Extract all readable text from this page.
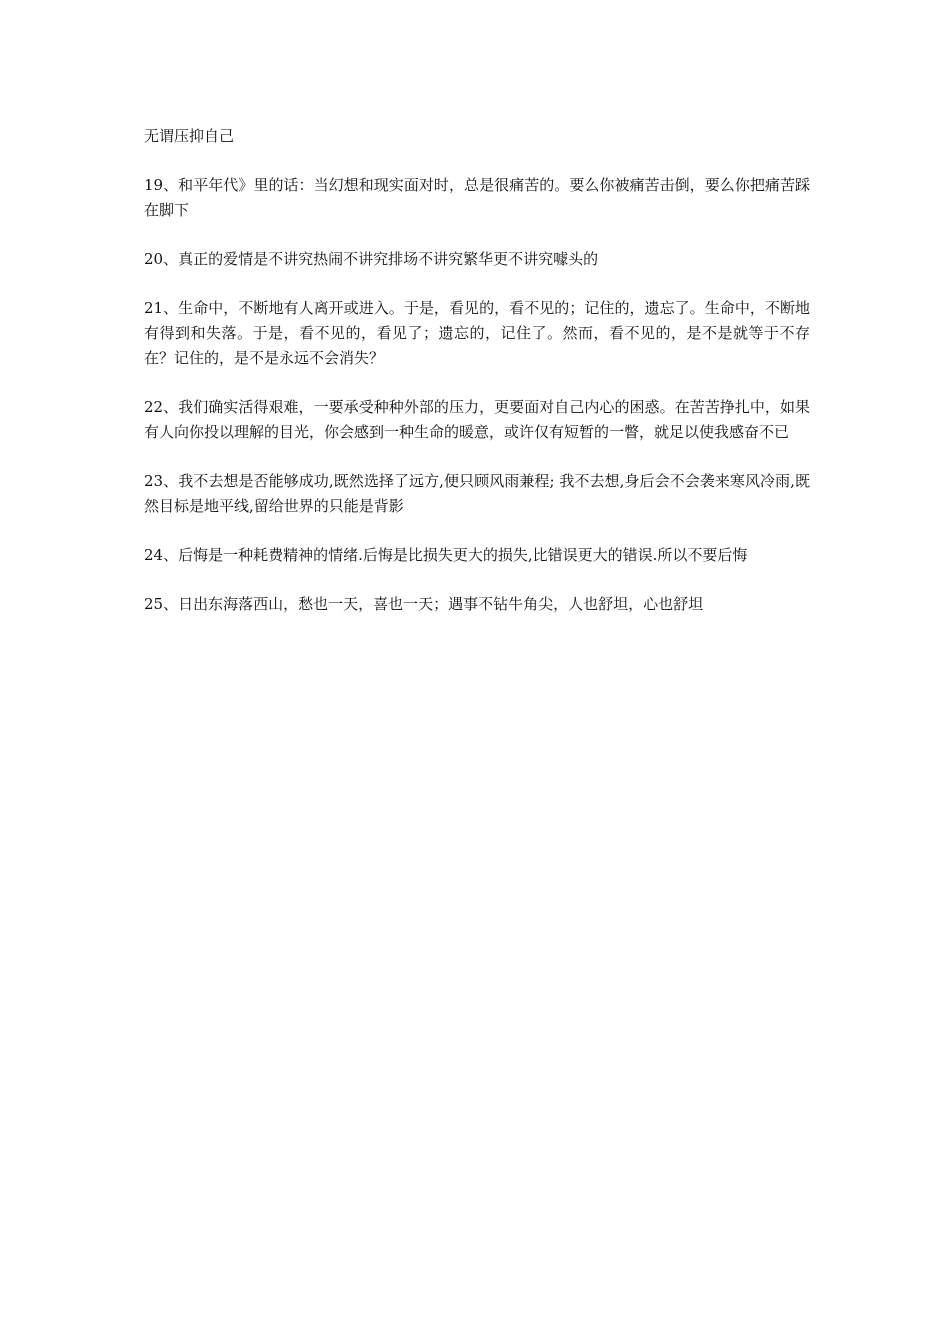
无谓压抑自己

19、和平年代》里的话：当幻想和现实面对时，总是很痛苦的。要么你被痛苦击倒，要么你把痛苦踩在脚下

20、真正的爱情是不讲究热闹不讲究排场不讲究繁华更不讲究噱头的

21、生命中，不断地有人离开或进入。于是，看见的，看不见的；记住的，遗忘了。生命中，不断地有得到和失落。于是，看不见的，看见了；遗忘的，记住了。然而，看不见的，是不是就等于不存在？记住的，是不是永远不会消失？

22、我们确实活得艰难，一要承受种种外部的压力，更要面对自己内心的困惑。在苦苦挣扎中，如果有人向你投以理解的目光，你会感到一种生命的暖意，或许仅有短暂的一瞥，就足以使我感奋不已

23、我不去想是否能够成功,既然选择了远方,便只顾风雨兼程; 我不去想,身后会不会袭来寒风冷雨,既然目标是地平线,留给世界的只能是背影

24、后悔是一种耗费精神的情绪.后悔是比损失更大的损失,比错误更大的错误.所以不要后悔

25、日出东海落西山，愁也一天，喜也一天；遇事不钻牛角尖，人也舒坦，心也舒坦
